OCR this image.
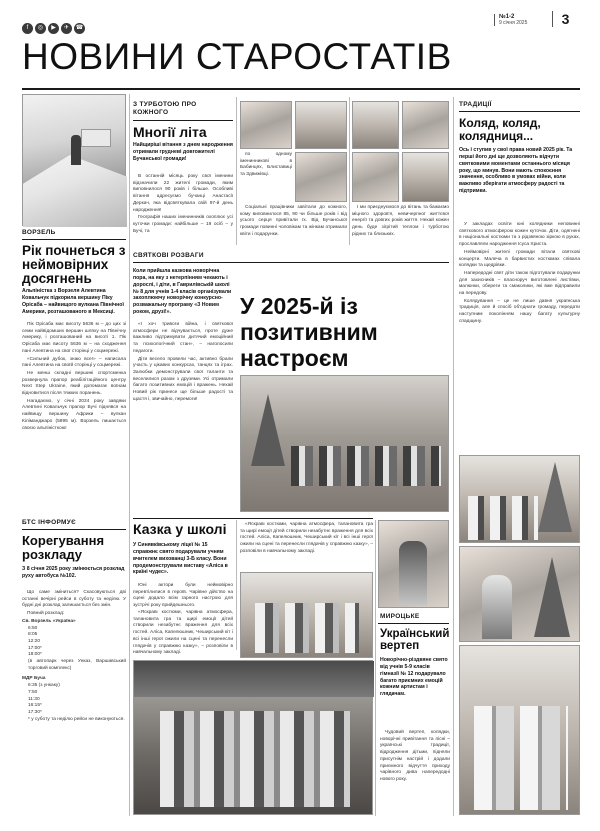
f ◎ ▶ ✈ ☎
№1-2
9 січня 2025	3
НОВИНИ СТАРОСТАТІВ
ВОРЗЕЛЬ
Рік почнеться з неймовірних досягнень
Альпіністка з Ворзеля Алевтина Ковальчук підкорила вершину Піку Орісаба – найвищого вулкана Північної Америки, розташованого в Мексиці.

Пік Орісаба має висоту 5636 м – до цих зі семи найвідомших вершин шляху на Північну Америку, і розташований на висоті 1. Пік Орісаба має висоту 5636 м – на сходження пані Алевтина на свої сторінці у соцмережі.

«Сильний дубок, знаю все!» – написала пані Алевтина на своїй сторінці у соцмережі.

Не менш складні вершині спортсменка розвернула прапор реабілітаційного центру Next Step Ukraine, який допомагає воїнам відновитися після тяжких поранень.

Нагадаємо, у січні 2024 року завдяки Алевтині Ковальчук прапор Бучі піднявся на найвищу вершину Африки – вулкан Кіліманджаро (5895 м). Ворзель пишається своєю альпіністкою!

БТС ІНФОРМУЄ
Корегування розкладу
З 8 січня 2025 року змінюється розклад руху автобуса №102.

Що саме зміниться? Скасовуються дві останні вечірні рейси в суботу та неділю. У будні дні розклад залишається без змін.

Повний розклад:

Св. Ворзель «Україна»
6:50
8:05
12:20
17:00*
18:00*
(в автопарк через Унказ, Варшавський торговий комплекс)
МДР Буча
6:35 (з ункаку)
7:50
11:30
16:15*
17:30*
* у суботу та неділю рейси не виконуються.
З ТУРБОТОЮ ПРО КОЖНОГО
Многії літа
Найщиріші вітання з днем народження отримали грудневі довгожителі Бучанської громади!

В останній місяць року свої іменини відзначили 22 жителі громади, яким виповнилося 90 років і більше. Особливі вітання адресуємо бучанці Анастасії Деркач, яка відсвяткувала свій 97-й день народження!

Географія наших іменинників охоплює усі куточки громади: найбільше – 19 осіб – у Бучі, та

по одному іменинникові в Бабинцях, Блиставиці та Здвижівці.

Соціальні працівники завітали до кожного, кому виповнилося 85, 90 чи більше років і від усього серця привітали їх. Від Бучанської громади повинні чоловікам та жінкам отримали квіти і подарунки.

І ми приєднуємося до вітань та бажаємо міцного здоров'я, невичерпної життєвої енергії та довгих років життя. Нехай кожен день буде зігрітий теплом і турботою рідних та близьких.

СВЯТКОВІ РОЗВАГИ
Коли прийшла казкова новорічна пора, на яку з нетерпінням чекають і дорослі, і діти, в Гаврилівській школі № 8 для учнів 1-4 класів організували захоплюючу новорічну конкурсно-розважальну програму «З Новим роком, друзі!».

«І хоч тривоги війна, і святкової атмосфери не відчувається, проте дуже важливо підтримувати дитячий емоційний та психологічний стан», – наголосили педагоги.

Діти весело провели час, активно брали участь у цікавих конкурсах, танцях та іграх. Залюбки демонстрували свої таланти та веселилися разом з друзями. Усі отримали багато позитивних емоцій і вражень. Нехай Новий рік принесе ще більше радості та щастя і, звичайно, перемоги!

У 2025-й із позитивним настроєм
Казка у школі
У Синявківському ліцеї № 15 справжнє свято подарували учням вчителем вихованці 3-Б класу. Вони продемонстрували виставу «Аліса в країні чудес».

Юні актори були неймовірно перевтілилися в героїв. Чарівне дійство на сцені додало всім гарного настрою для зустрічі року прийдешнього.

«Яскраві костюми, чарівна атмосфера, талановита гра та щирі емоції дітей створили незабутнє враження для всіх гостей. Аліса, Капелюшник, Чеширський кіт і всі інші герої ожили на сцені та перенесли глядачів у справжню казку», – розповіли в навчальному закладі.

«Яскраві костюми, чарівна атмосфера, талановита гра та щирі емоції дітей створили незабутнє враження для всіх гостей. Аліса, Капелюшник, Чеширський кіт і всі інші герої ожили на сцені та перенесли глядачів у справжню казку», – розповіли в навчальному закладі.

МИРОЦЬКЕ
Український вертеп
Новорічно-різдвяне свято від учнів 5-9 класів гімназії № 12 подарувало багато приємних емоцій кожним артистам і глядачам.

Чудовий вертеп, колядки, новорічні привітання та пісні – українські традиції, відродження дітьми, підняли присутнім настрій і додали приємного відчуття приходу чарівного дива напередодні нового року.

ТРАДИЦІЇ
Коляд, коляд, колядниця...
Ось і ступив у свої права новий 2025 рік. Та перші його дні ще дозволяють відчути святковими моментами останнього місяця року, що минув. Вони мають спокоєння значення, особливо в умовах війни, коли важливо зберігати атмосферу радості та підтримки.

У закладах освіти юні колядники неповинні святкового атмосферою кожен куточок. Діти, одягнені в національні костюми та з рідзвяною зіркою в руках, прославляли народження Ісуса Христа.

Неймовірні жителі громади вітали святкові концерти. Малеча в барвистих костюмах співала колядки та щедрівки.

Напередодні свят діти також підготували подарунки для захисників – власноруч виготовлені листівки, малюнки, обереги та смаколики, які вже відправили на передову.

Колядування – це не лише давня українська традиція, але й спосіб об'єднати громаду, передати наступним поколінням нашу багату культурну спадщину.
